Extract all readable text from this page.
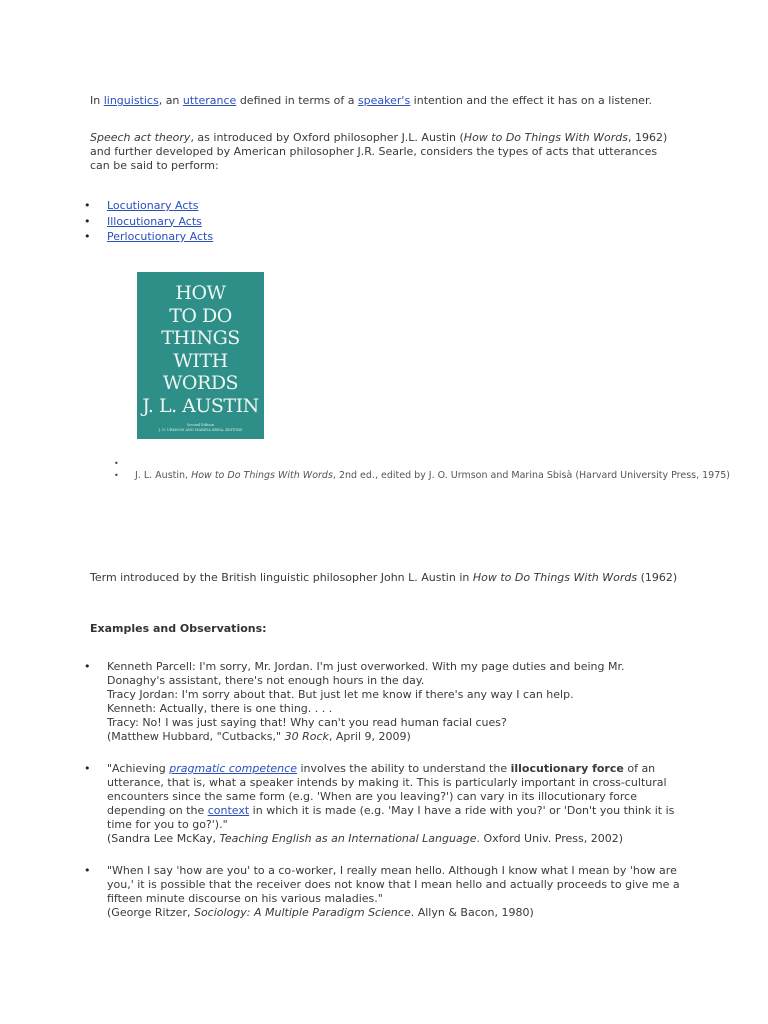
In linguistics, an utterance defined in terms of a speaker's intention and the effect it has on a listener.
Speech act theory, as introduced by Oxford philosopher J.L. Austin (How to Do Things With Words, 1962) and further developed by American philosopher J.R. Searle, considers the types of acts that utterances can be said to perform:
• Locutionary Acts
• Illocutionary Acts
• Perlocutionary Acts
HOW
TO DO
THINGS
WITH
WORDS
J. L. AUSTIN
Second Edition
J. O. URMSON AND MARINA SBISÀ, EDITORS
•
• J. L. Austin, How to Do Things With Words, 2nd ed., edited by J. O. Urmson and Marina Sbisà (Harvard University Press, 1975)
Term introduced by the British linguistic philosopher John L. Austin in How to Do Things With Words (1962)
Examples and Observations:
• Kenneth Parcell: I'm sorry, Mr. Jordan. I'm just overworked. With my page duties and being Mr. Donaghy's assistant, there's not enough hours in the day.
Tracy Jordan: I'm sorry about that. But just let me know if there's any way I can help.
Kenneth: Actually, there is one thing. . . .
Tracy: No! I was just saying that! Why can't you read human facial cues?
(Matthew Hubbard, "Cutbacks," 30 Rock, April 9, 2009)
• "Achieving pragmatic competence involves the ability to understand the illocutionary force of an utterance, that is, what a speaker intends by making it. This is particularly important in cross-cultural encounters since the same form (e.g. 'When are you leaving?') can vary in its illocutionary force depending on the context in which it is made (e.g. 'May I have a ride with you?' or 'Don't you think it is time for you to go?')."
(Sandra Lee McKay, Teaching English as an International Language. Oxford Univ. Press, 2002)
• "When I say 'how are you' to a co-worker, I really mean hello. Although I know what I mean by 'how are you,' it is possible that the receiver does not know that I mean hello and actually proceeds to give me a fifteen minute discourse on his various maladies."
(George Ritzer, Sociology: A Multiple Paradigm Science. Allyn & Bacon, 1980)
